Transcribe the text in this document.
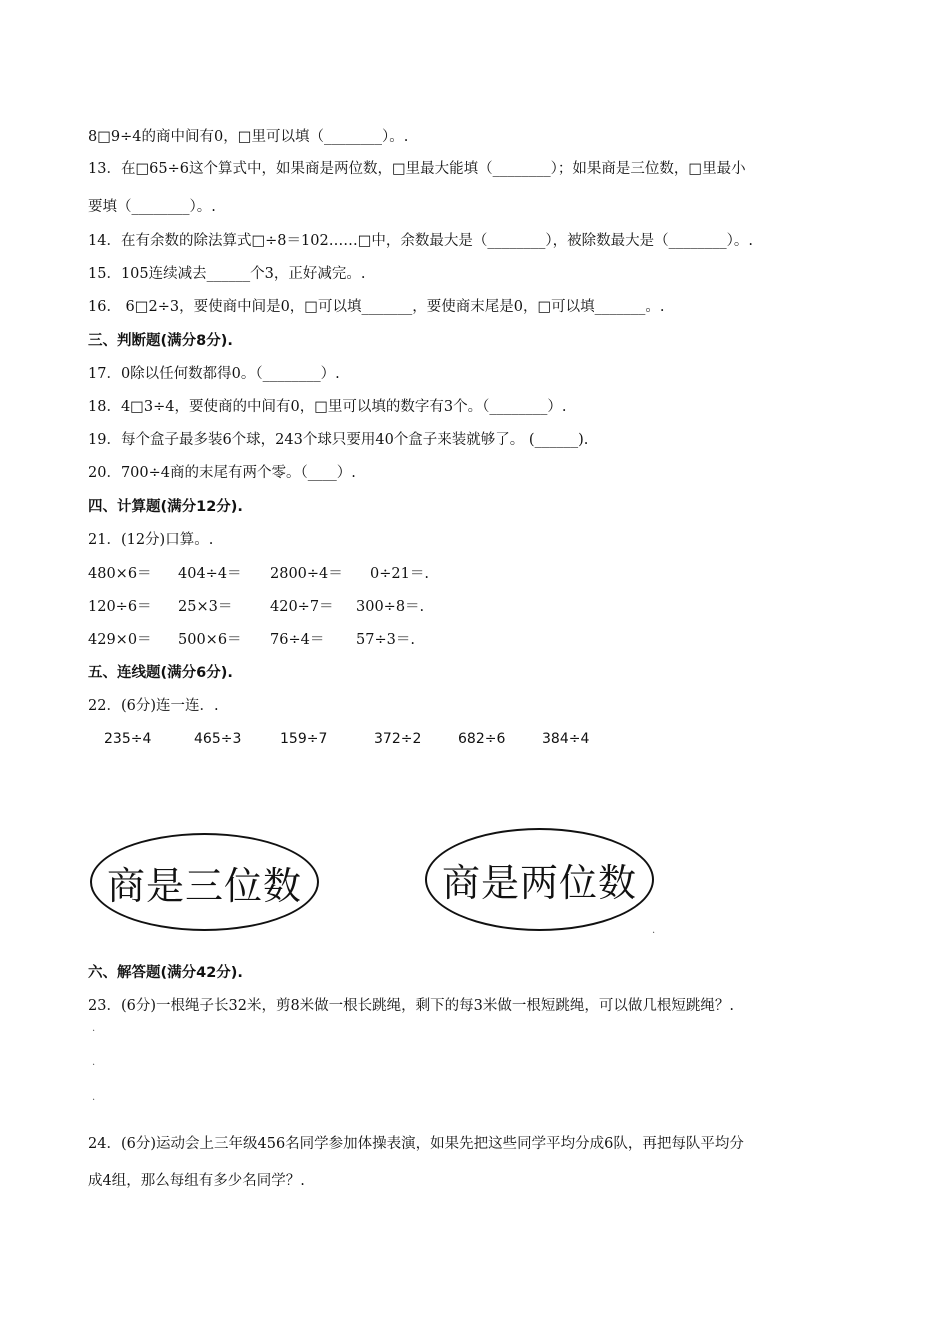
8□9÷4的商中间有0，□里可以填（________）。.
13．在□65÷6这个算式中，如果商是两位数，□里最大能填（________）；如果商是三位数，□里最小
要填（________）。.
14．在有余数的除法算式□÷8＝102……□中，余数最大是（________），被除数最大是（________）。.
15．105连续减去______个3，正好减完。.
16． 6□2÷3，要使商中间是0，□可以填_______，要使商末尾是0，□可以填_______。.
三、判断题(满分8分).
17．0除以任何数都得0。（________）.
18．4□3÷4，要使商的中间有0，□里可以填的数字有3个。（________）.
19．每个盒子最多装6个球，243个球只要用40个盒子来装就够了。 (______).
20．700÷4商的末尾有两个零。（____）.
四、计算题(满分12分).
21．(12分)口算。.
480×6＝ 404÷4＝ 2800÷4＝ 0÷21＝.
120÷6＝ 25×3＝	420÷7＝ 300÷8＝.
429×0＝ 500×6＝ 76÷4＝ 57÷3＝.
五、连线题(满分6分).
22．(6分)连一连．.
235÷4	465÷3	159÷7	372÷2	682÷6	384÷4
商是三位数	商是两位数
六、解答题(满分42分).
23．(6分)一根绳子长32米，剪8米做一根长跳绳，剩下的每3米做一根短跳绳，可以做几根短跳绳？.
.
.
.
.
24．(6分)运动会上三年级456名同学参加体操表演，如果先把这些同学平均分成6队，再把每队平均分
成4组，那么每组有多少名同学？.
